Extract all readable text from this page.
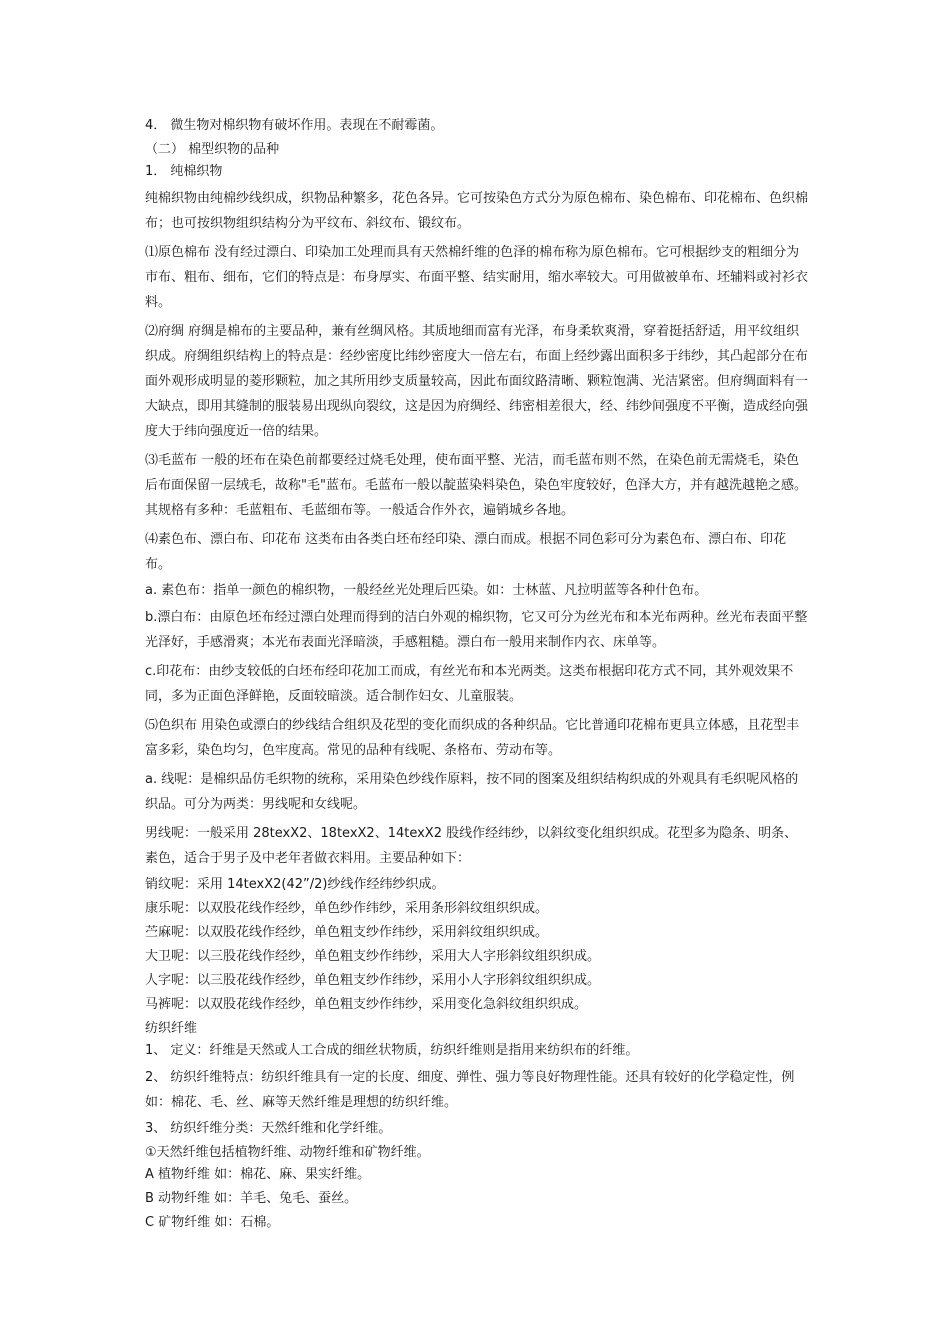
4． 微生物对棉织物有破坏作用。表现在不耐霉菌。
（二） 棉型织物的品种
1． 纯棉织物
纯棉织物由纯棉纱线织成，织物品种繁多，花色各异。它可按染色方式分为原色棉布、染色棉布、印花棉布、色织棉布；也可按织物组织结构分为平纹布、斜纹布、锻纹布。
⑴原色棉布 没有经过漂白、印染加工处理而具有天然棉纤维的色泽的棉布称为原色棉布。它可根据纱支的粗细分为市布、粗布、细布，它们的特点是：布身厚实、布面平整、结实耐用，缩水率较大。可用做被单布、坯辅料或衬衫衣料。
⑵府绸 府绸是棉布的主要品种，兼有丝绸风格。其质地细而富有光泽，布身柔软爽滑，穿着挺括舒适，用平纹组织织成。府绸组织结构上的特点是：经纱密度比纬纱密度大一倍左右，布面上经纱露出面积多于纬纱，其凸起部分在布面外观形成明显的菱形颗粒，加之其所用纱支质量较高，因此布面纹路清晰、颗粒饱满、光洁紧密。但府绸面料有一大缺点，即用其缝制的服装易出现纵向裂纹，这是因为府绸经、纬密相差很大，经、纬纱间强度不平衡，造成经向强度大于纬向强度近一倍的结果。
⑶毛蓝布 一般的坯布在染色前都要经过烧毛处理，使布面平整、光洁，而毛蓝布则不然，在染色前无需烧毛，染色后布面保留一层绒毛，故称"毛"蓝布。毛蓝布一般以靛蓝染料染色，染色牢度较好，色泽大方，并有越洗越艳之感。其规格有多种：毛蓝粗布、毛蓝细布等。一般适合作外衣，遍销城乡各地。
⑷素色布、漂白布、印花布 这类布由各类白坯布经印染、漂白而成。根据不同色彩可分为素色布、漂白布、印花布。
a. 素色布：指单一颜色的棉织物，一般经丝光处理后匹染。如：士林蓝、凡拉明蓝等各种什色布。
b.漂白布：由原色坯布经过漂白处理而得到的洁白外观的棉织物，它又可分为丝光布和本光布两种。丝光布表面平整光泽好，手感滑爽；本光布表面光泽暗淡，手感粗糙。漂白布一般用来制作内衣、床单等。
c.印花布：由纱支较低的白坯布经印花加工而成，有丝光布和本光两类。这类布根据印花方式不同，其外观效果不同，多为正面色泽鲜艳，反面较暗淡。适合制作妇女、儿童服装。
⑸色织布 用染色或漂白的纱线结合组织及花型的变化而织成的各种织品。它比普通印花棉布更具立体感，且花型丰富多彩，染色均匀，色牢度高。常见的品种有线呢、条格布、劳动布等。
a. 线呢：是棉织品仿毛织物的统称，采用染色纱线作原料，按不同的图案及组织结构织成的外观具有毛织呢风格的织品。可分为两类：男线呢和女线呢。
男线呢：一般采用 28texX2、18texX2、14texX2 股线作经纬纱，以斜纹变化组织织成。花型多为隐条、明条、素色，适合于男子及中老年者做衣料用。主要品种如下：
销纹呢：采用 14texX2(42”/2)纱线作经纬纱织成。
康乐呢：以双股花线作经纱，单色纱作纬纱，采用条形斜纹组织织成。
苎麻呢：以双股花线作经纱，单色粗支纱作纬纱，采用斜纹组织织成。
大卫呢：以三股花线作经纱，单色粗支纱作纬纱，采用大人字形斜纹组织织成。
人字呢：以三股花线作经纱，单色粗支纱作纬纱，采用小人字形斜纹组织织成。
马裤呢：以双股花线作经纱，单色粗支纱作纬纱，采用变化急斜纹组织织成。
纺织纤维
1、 定义：纤维是天然或人工合成的细丝状物质，纺织纤维则是指用来纺织布的纤维。
2、 纺织纤维特点：纺织纤维具有一定的长度、细度、弹性、强力等良好物理性能。还具有较好的化学稳定性，例如：棉花、毛、丝、麻等天然纤维是理想的纺织纤维。
3、 纺织纤维分类：天然纤维和化学纤维。
①天然纤维包括植物纤维、动物纤维和矿物纤维。
A 植物纤维 如：棉花、麻、果实纤维。
B 动物纤维 如：羊毛、兔毛、蚕丝。
C 矿物纤维 如：石棉。
